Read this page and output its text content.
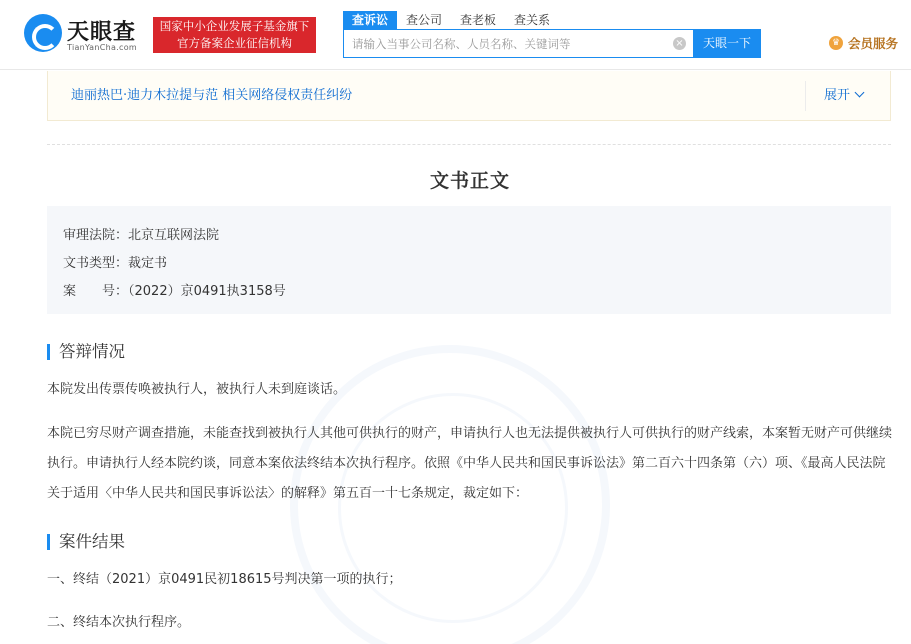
天眼查
TianYanCha.com
国家中小企业发展子基金旗下
官方备案企业征信机构
查诉讼	查公司	查老板	查关系
请输入当事公司名称、人员名称、关键词等
×	天眼一下	♛ 会员服务
迪丽热巴·迪力木拉提与范 相关网络侵权责任纠纷	展开
文书正文
审理法院：北京互联网法院
文书类型：裁定书
案　　号：（2022）京0491执3158号
答辩情况
本院发出传票传唤被执行人，被执行人未到庭谈话。
本院已穷尽财产调查措施，未能查找到被执行人其他可供执行的财产，申请执行人也无法提供被执行人可供执行的财产线索，本案暂无财产可供继续执行。申请执行人经本院约谈，同意本案依法终结本次执行程序。依照《中华人民共和国民事诉讼法》第二百六十四条第（六）项、《最高人民法院关于适用〈中华人民共和国民事诉讼法〉的解释》第五百一十七条规定，裁定如下：
案件结果
一、终结（2021）京0491民初18615号判决第一项的执行；
二、终结本次执行程序。
